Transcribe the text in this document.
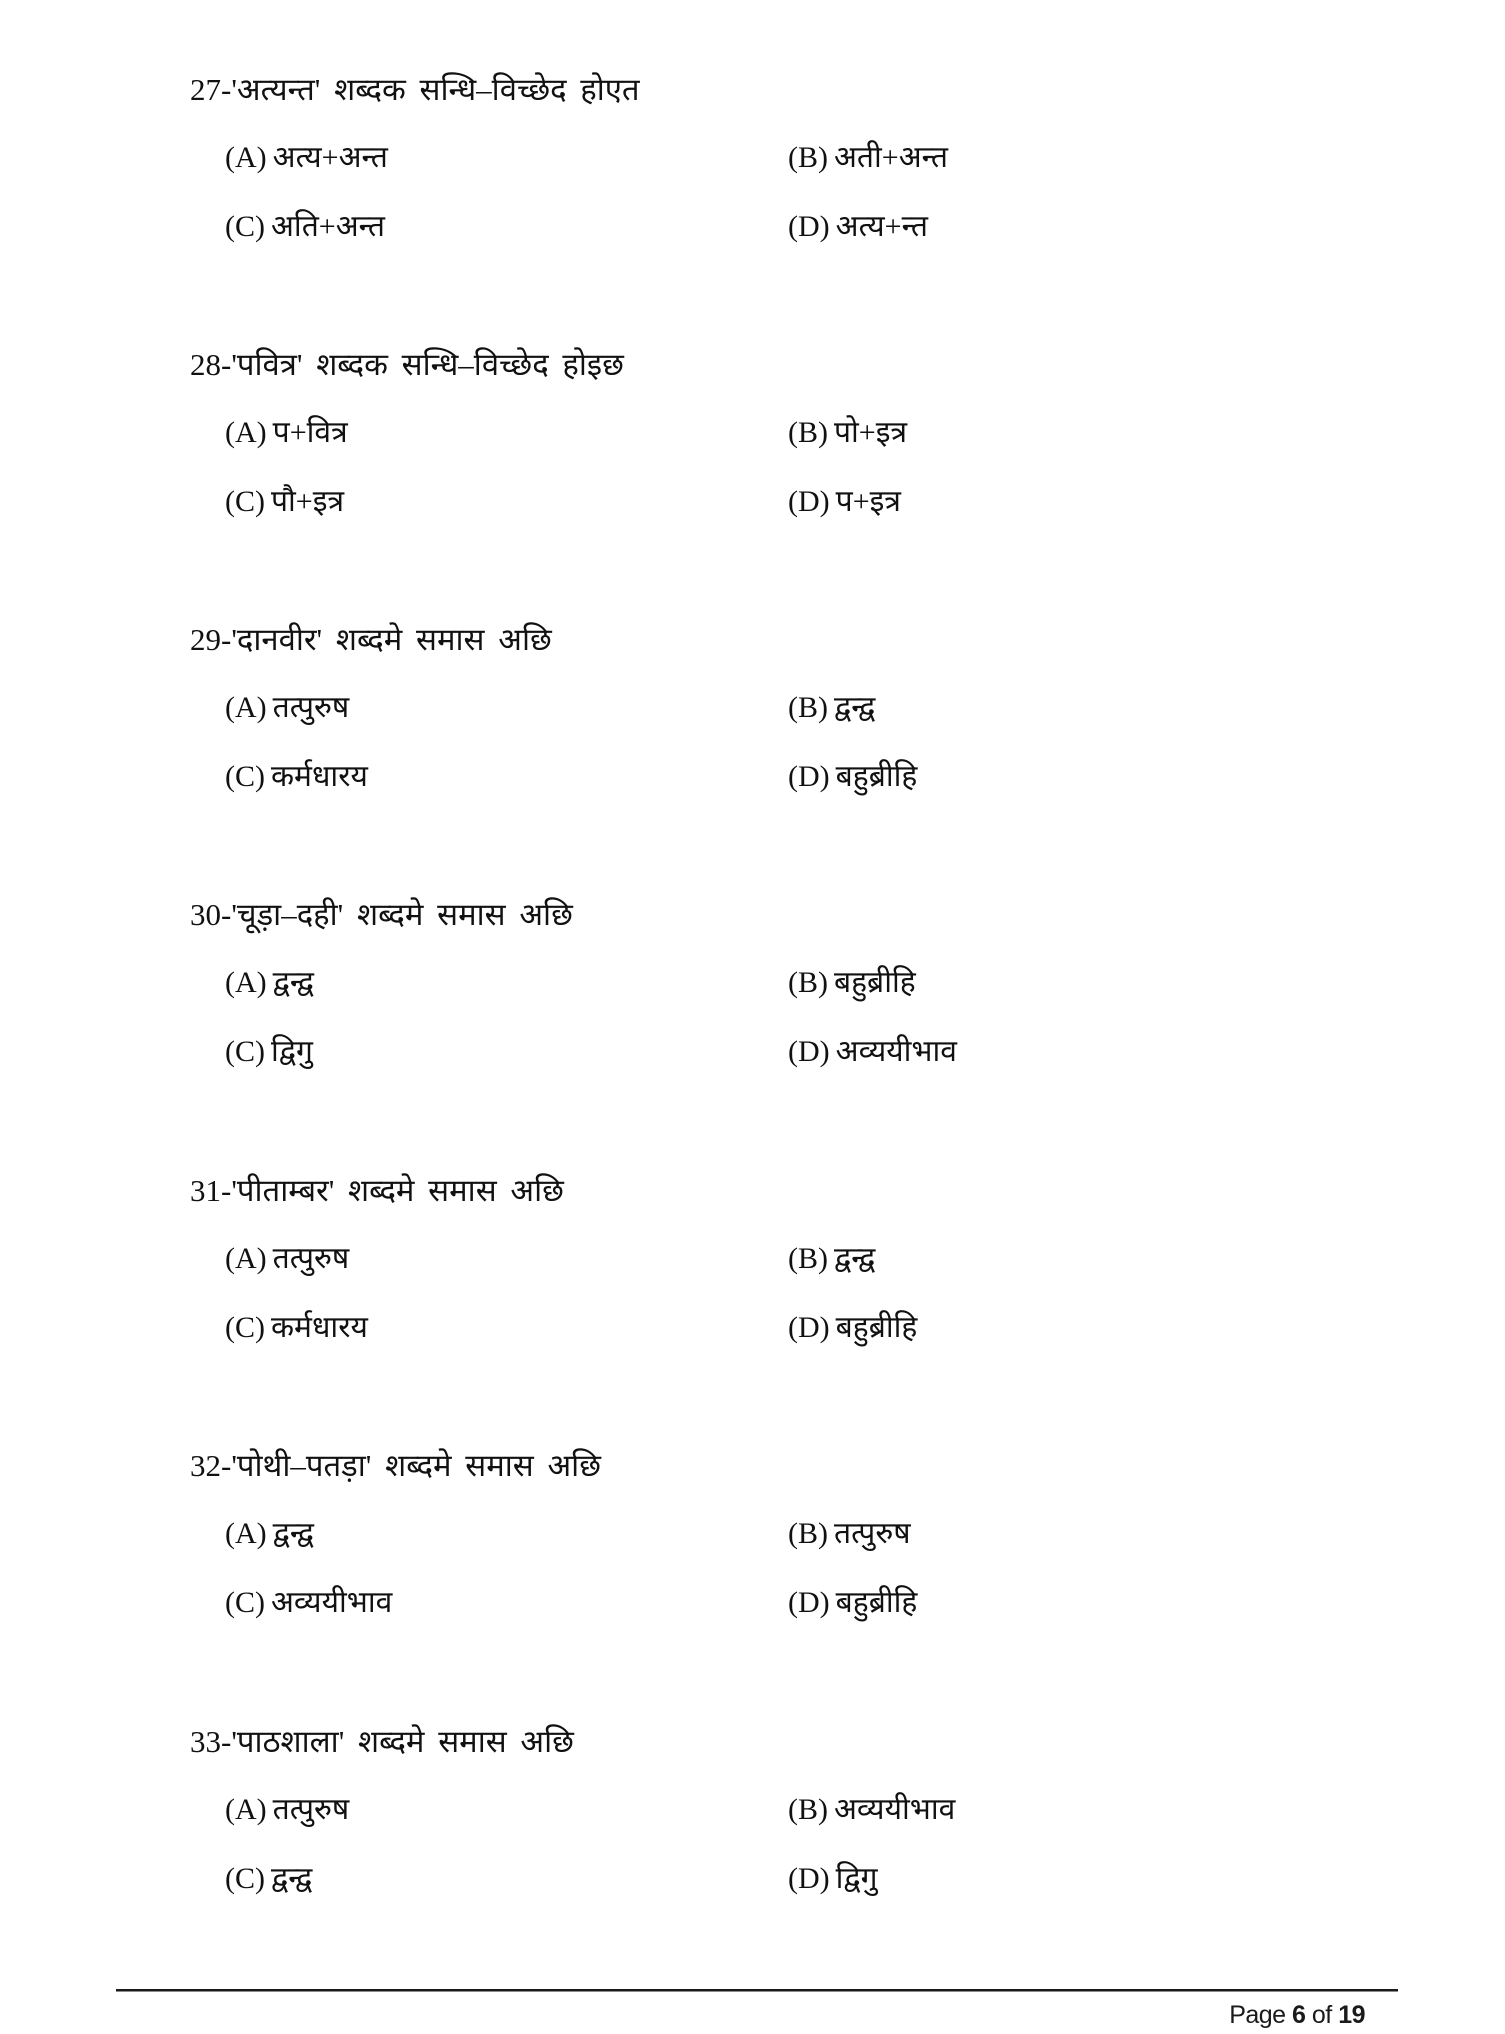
27-'अत्यन्त' शब्दक सन्धि–विच्छेद होएत
(A) अत्य+अन्त	(B) अती+अन्त
(C) अति+अन्त	(D) अत्य+न्त
28-'पवित्र' शब्दक सन्धि–विच्छेद होइछ
(A) प+वित्र	(B) पो+इत्र
(C) पौ+इत्र	(D) प+इत्र
29-'दानवीर' शब्दमे समास अछि
(A) तत्पुरुष	(B) द्वन्द्व
(C) कर्मधारय	(D) बहुब्रीहि
30-'चूड़ा–दही' शब्दमे समास अछि
(A) द्वन्द्व	(B) बहुब्रीहि
(C) द्विगु	(D) अव्ययीभाव
31-'पीताम्बर' शब्दमे समास अछि
(A) तत्पुरुष	(B) द्वन्द्व
(C) कर्मधारय	(D) बहुब्रीहि
32-'पोथी–पतड़ा' शब्दमे समास अछि
(A) द्वन्द्व	(B) तत्पुरुष
(C) अव्ययीभाव	(D) बहुब्रीहि
33-'पाठशाला' शब्दमे समास अछि
(A) तत्पुरुष	(B) अव्ययीभाव
(C) द्वन्द्व	(D) द्विगु
Page 6 of 19
